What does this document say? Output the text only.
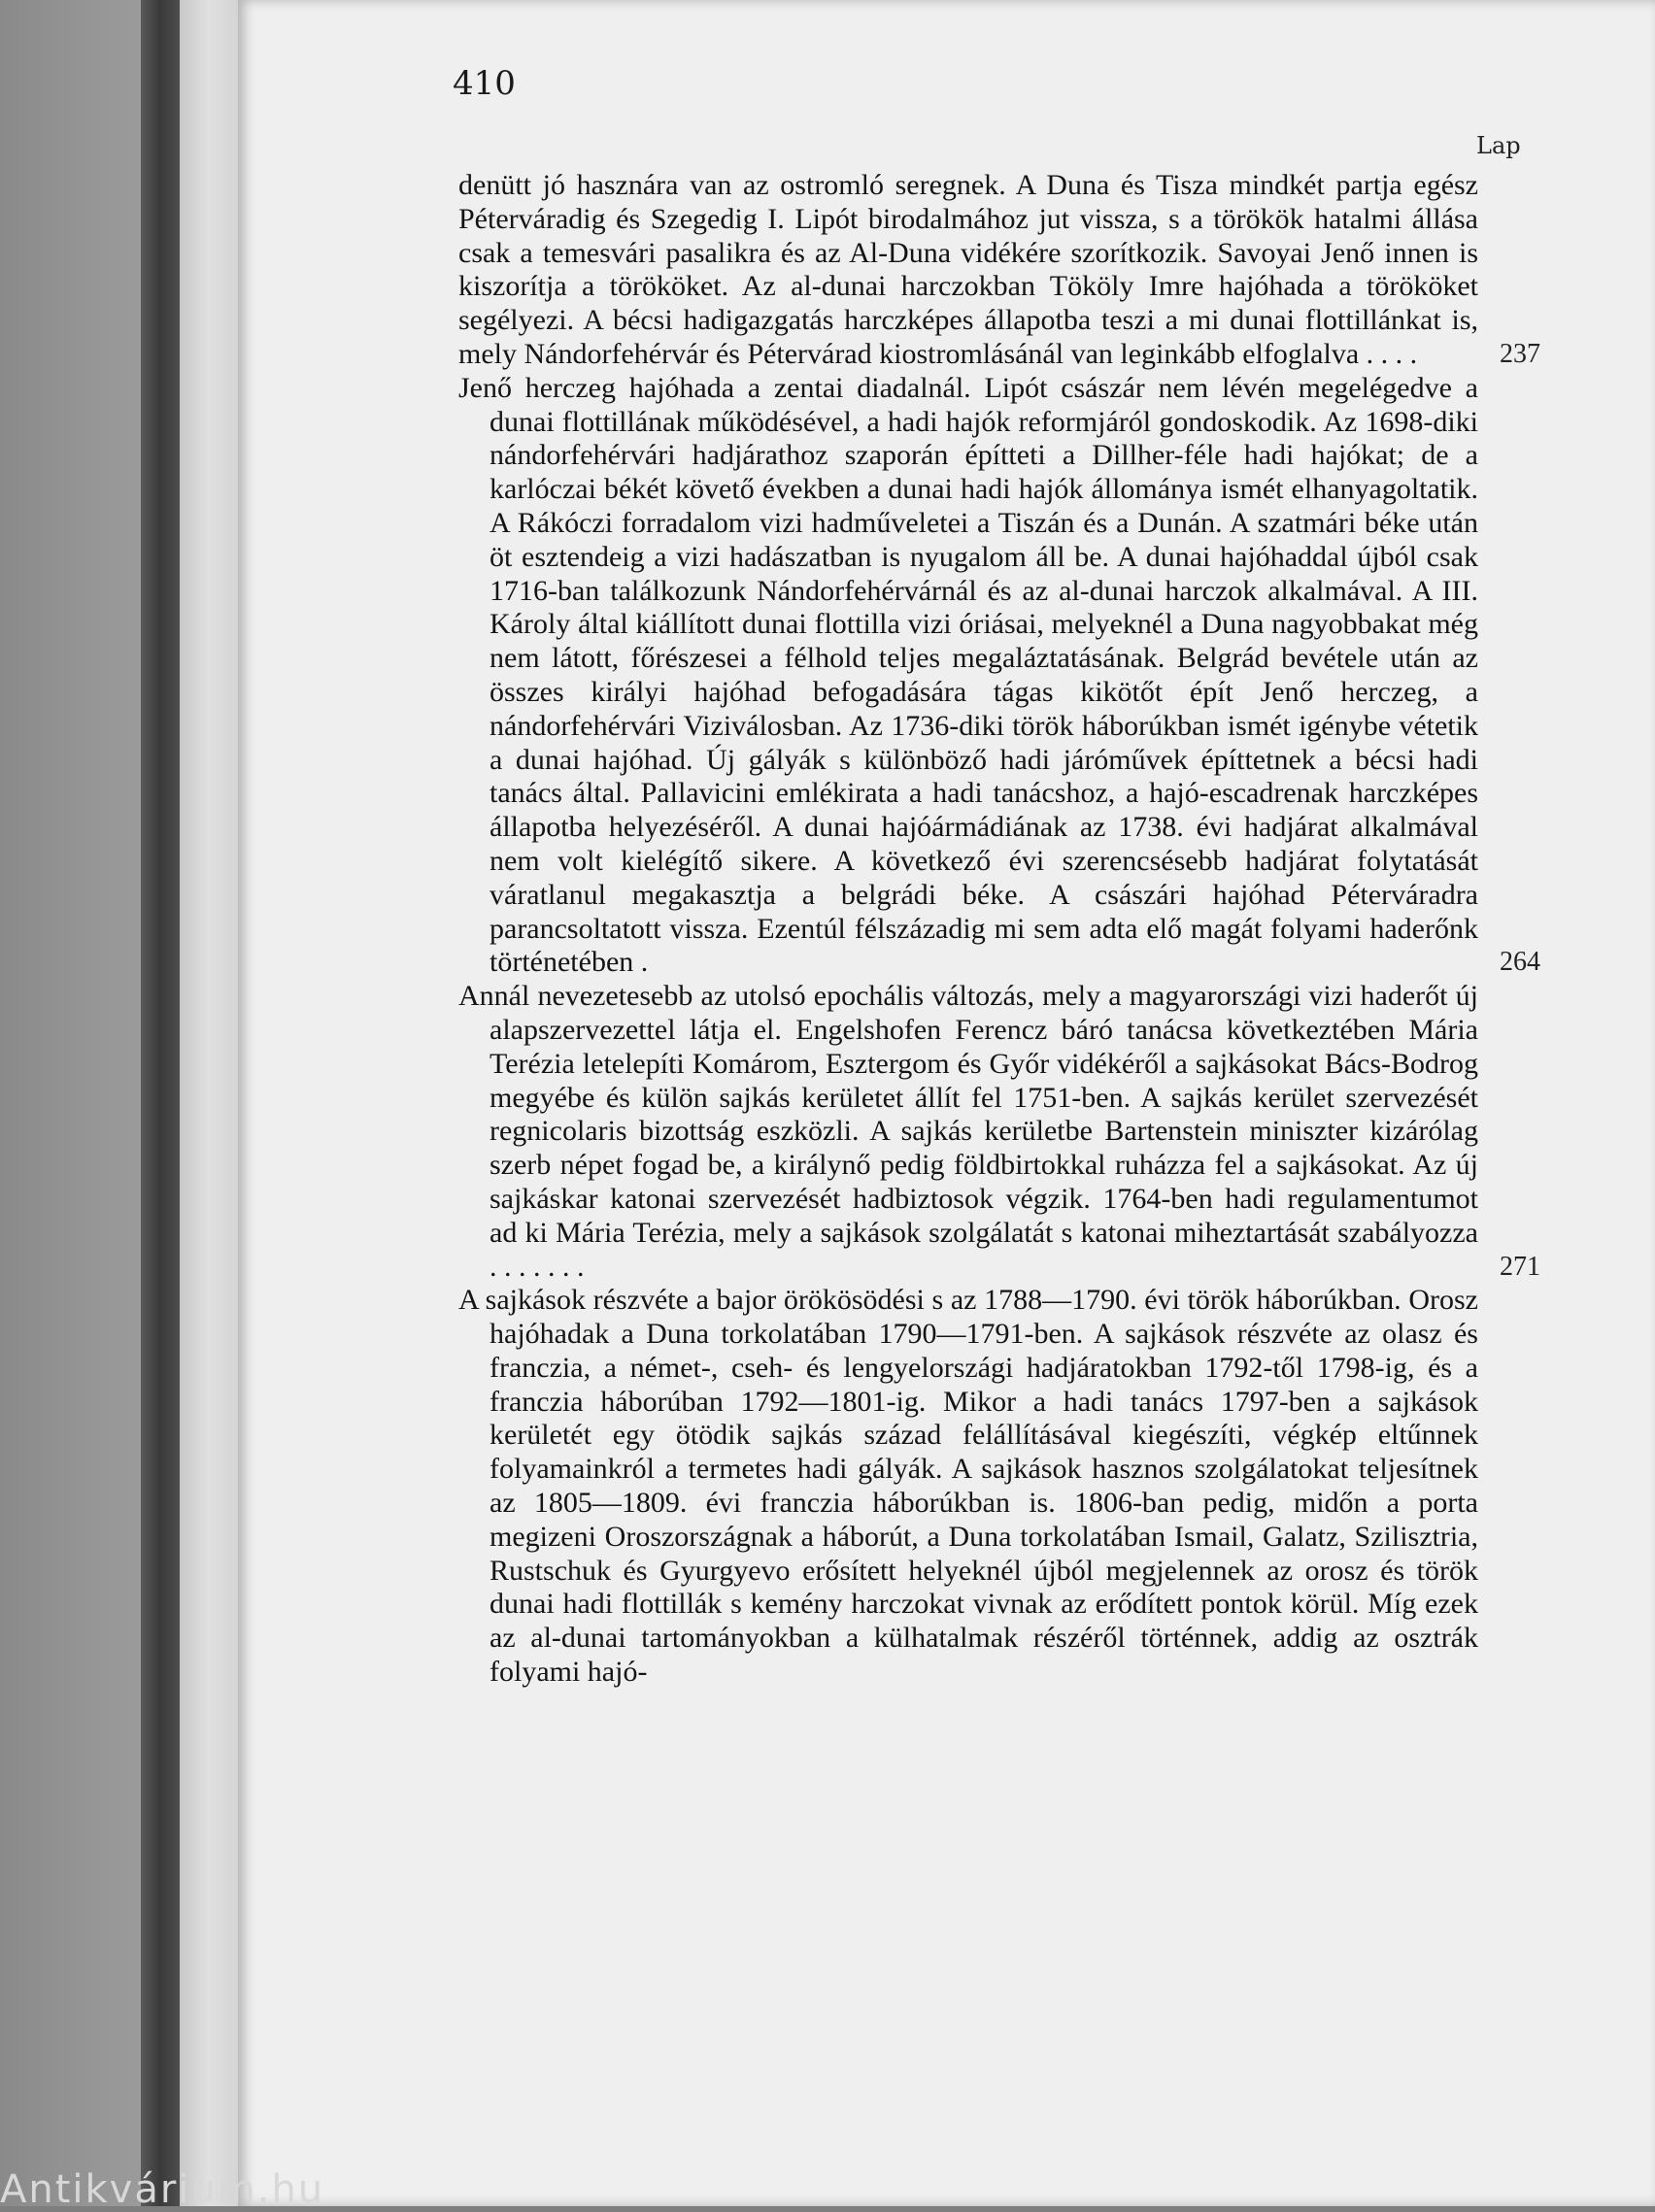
410
Lap

denütt jó hasznára van az ostromló seregnek. A Duna és Tisza mindkét partja egész Péterváradig és Szegedig I. Lipót birodalmához jut vissza, s a törökök hatalmi állása csak a temesvári pasalikra és az Al-Duna vidékére szorítkozik. Savoyai Jenő innen is kiszorítja a törököket. Az al-dunai harczokban Tököly Imre hajóhada a törököket segélyezi. A bécsi hadigazgatás harczképes állapotba teszi a mi dunai flottillánkat is, mely Nándorfehérvár és Pétervárad kiostromlásánál van leginkább elfoglalva . . . .	237

Jenő herczeg hajóhada a zentai diadalnál. Lipót császár nem lévén megelégedve a dunai flottillának működésével, a hadi hajók reformjáról gondoskodik. Az 1698-diki nándorfehérvári hadjárathoz szaporán építteti a Dillher-féle hadi hajókat; de a karlóczai békét követő években a dunai hadi hajók állománya ismét elhanyagoltatik. A Rákóczi forradalom vizi hadműveletei a Tiszán és a Dunán. A szatmári béke után öt esztendeig a vizi hadászatban is nyugalom áll be. A dunai hajóhaddal újból csak 1716-ban találkozunk Nándorfehérvárnál és az al-dunai harczok alkalmával. A III. Károly által kiállított dunai flottilla vizi óriásai, melyeknél a Duna nagyobbakat még nem látott, főrészesei a félhold teljes megaláztatásának. Belgrád bevétele után az összes királyi hajóhad befogadására tágas kikötőt épít Jenő herczeg, a nándorfehérvári Viziválosban. Az 1736-diki török háborúkban ismét igénybe vétetik a dunai hajóhad. Új gályák s különböző hadi járóművek építtetnek a bécsi hadi tanács által. Pallavicini emlékirata a hadi tanácshoz, a hajó-escadrenak harczképes állapotba helyezéséről. A dunai hajóármádiának az 1738. évi hadjárat alkalmával nem volt kielégítő sikere. A következő évi szerencsésebb hadjárat folytatását váratlanul megakasztja a belgrádi béke. A császári hajóhad Péterváradra parancsoltatott vissza. Ezentúl félszázadig mi sem adta elő magát folyami haderőnk történetében .	264

Annál nevezetesebb az utolsó epochális változás, mely a magyarországi vizi haderőt új alapszervezettel látja el. Engelshofen Ferencz báró tanácsa következtében Mária Terézia letelepíti Komárom, Esztergom és Győr vidékéről a sajkásokat Bács-Bodrog megyébe és külön sajkás kerületet állít fel 1751-ben. A sajkás kerület szervezését regnicolaris bizottság eszközli. A sajkás kerületbe Bartenstein miniszter kizárólag szerb népet fogad be, a királynő pedig földbirtokkal ruházza fel a sajkásokat. Az új sajkáskar katonai szervezését hadbiztosok végzik. 1764-ben hadi regulamentumot ad ki Mária Terézia, mely a sajkások szolgálatát s katonai miheztartását szabályozza . . . . . . .	271

A sajkások részvéte a bajor örökösödési s az 1788—1790. évi török háborúkban. Orosz hajóhadak a Duna torkolatában 1790—1791-ben. A sajkások részvéte az olasz és franczia, a német-, cseh- és lengyelországi hadjáratokban 1792-től 1798-ig, és a franczia háborúban 1792—1801-ig. Mikor a hadi tanács 1797-ben a sajkások kerületét egy ötödik sajkás század felállításával kiegészíti, végkép eltűnnek folyamainkról a termetes hadi gályák. A sajkások hasznos szolgálatokat teljesítnek az 1805—1809. évi franczia háborúkban is. 1806-ban pedig, midőn a porta megizeni Oroszországnak a háborút, a Duna torkolatában Ismail, Galatz, Szilisztria, Rustschuk és Gyurgyevo erősített helyeknél újból megjelennek az orosz és török dunai hadi flottillák s kemény harczokat vivnak az erődített pontok körül. Míg ezek az al-dunai tartományokban a külhatalmak részéről történnek, addig az osztrák folyami hajó-

Antikvárium.hu
